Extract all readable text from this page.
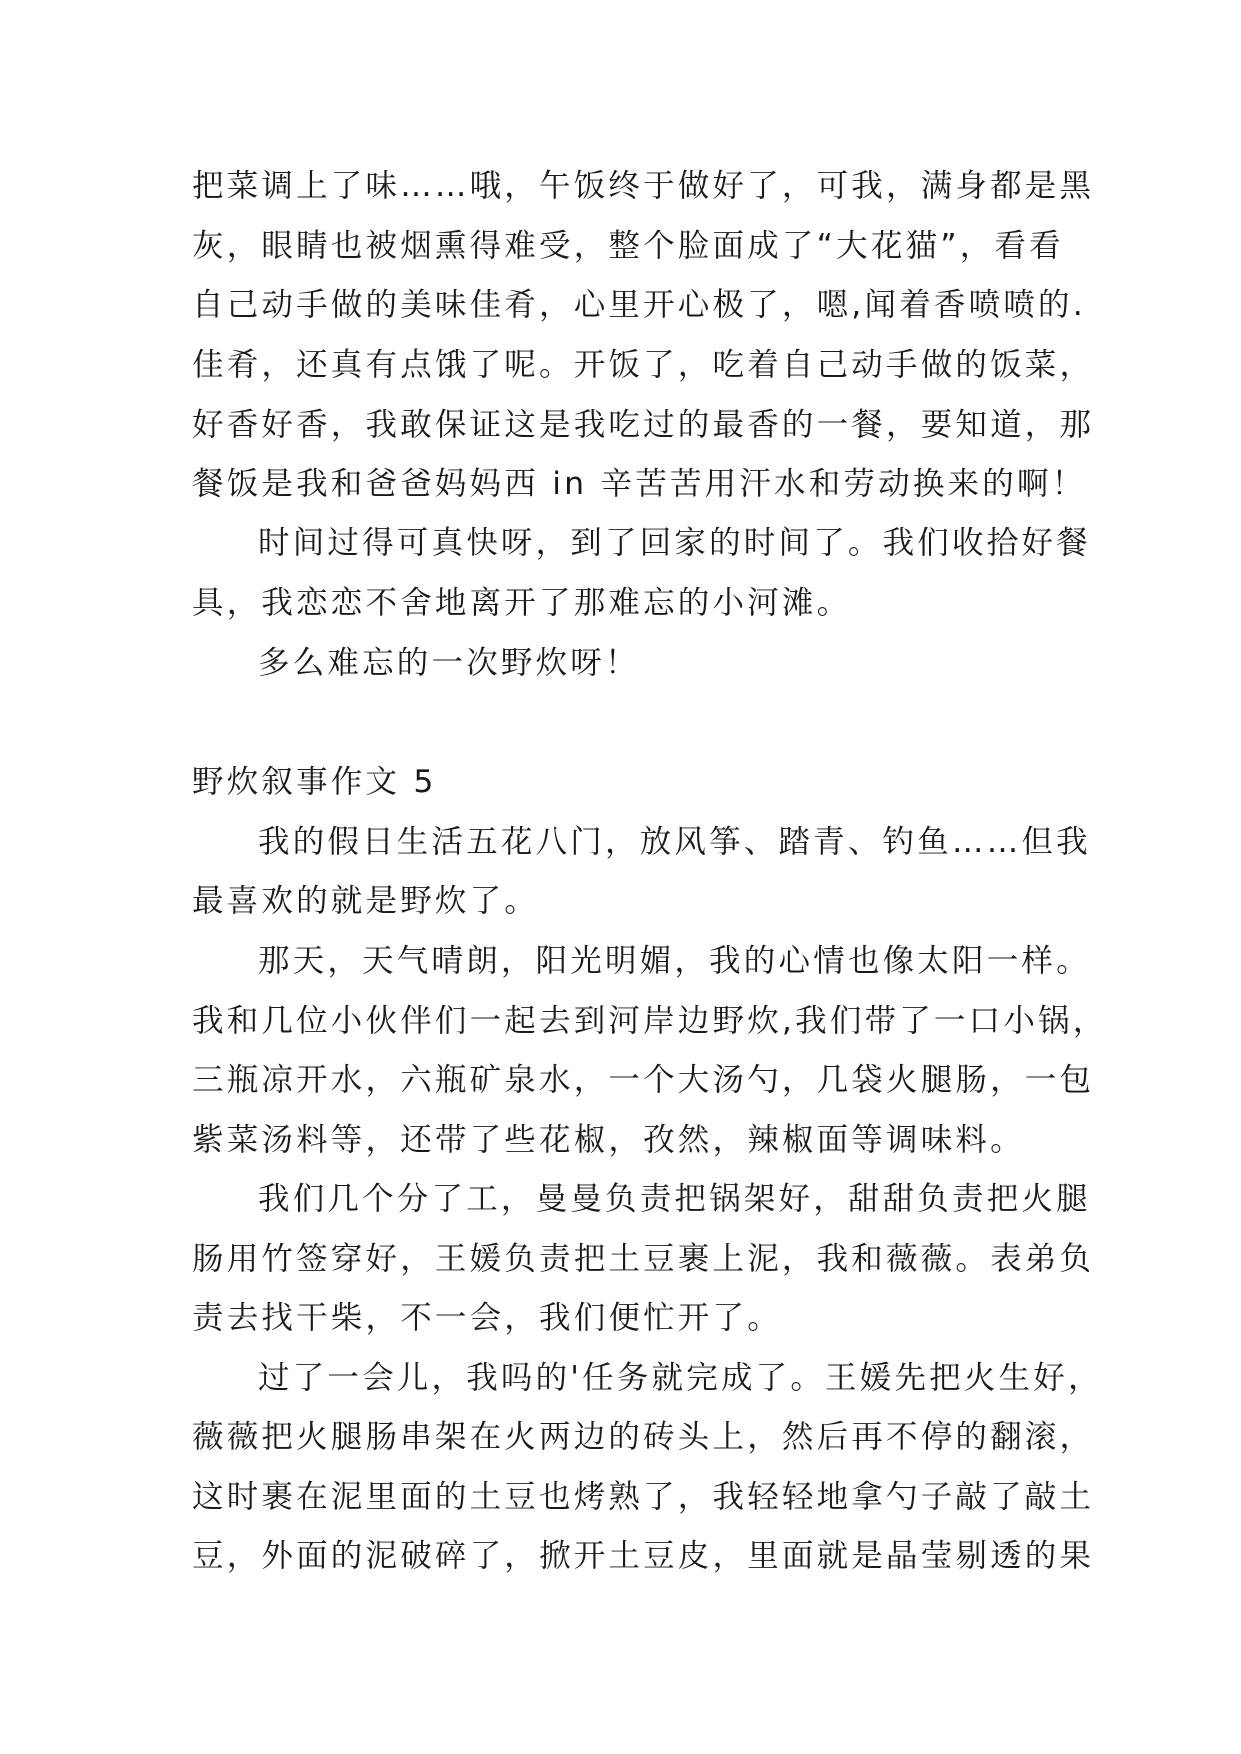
把菜调上了味……哦，午饭终于做好了，可我，满身都是黑
灰，眼睛也被烟熏得难受，整个脸面成了“大花猫”，看看
自己动手做的美味佳肴，心里开心极了，嗯,闻着香喷喷的.
佳肴，还真有点饿了呢。开饭了，吃着自己动手做的饭菜，
好香好香，我敢保证这是我吃过的最香的一餐，要知道，那
餐饭是我和爸爸妈妈西 in 辛苦苦用汗水和劳动换来的啊！
时间过得可真快呀，到了回家的时间了。我们收拾好餐
具，我恋恋不舍地离开了那难忘的小河滩。
多么难忘的一次野炊呀！
野炊叙事作文 5
我的假日生活五花八门，放风筝、踏青、钓鱼……但我
最喜欢的就是野炊了。
那天，天气晴朗，阳光明媚，我的心情也像太阳一样。
我和几位小伙伴们一起去到河岸边野炊,我们带了一口小锅，
三瓶凉开水，六瓶矿泉水，一个大汤勺，几袋火腿肠，一包
紫菜汤料等，还带了些花椒，孜然，辣椒面等调味料。
我们几个分了工，曼曼负责把锅架好，甜甜负责把火腿
肠用竹签穿好，王媛负责把土豆裹上泥，我和薇薇。表弟负
责去找干柴，不一会，我们便忙开了。
过了一会儿，我吗的'任务就完成了。王媛先把火生好，
薇薇把火腿肠串架在火两边的砖头上，然后再不停的翻滚，
这时裹在泥里面的土豆也烤熟了，我轻轻地拿勺子敲了敲土
豆，外面的泥破碎了，掀开土豆皮，里面就是晶莹剔透的果
